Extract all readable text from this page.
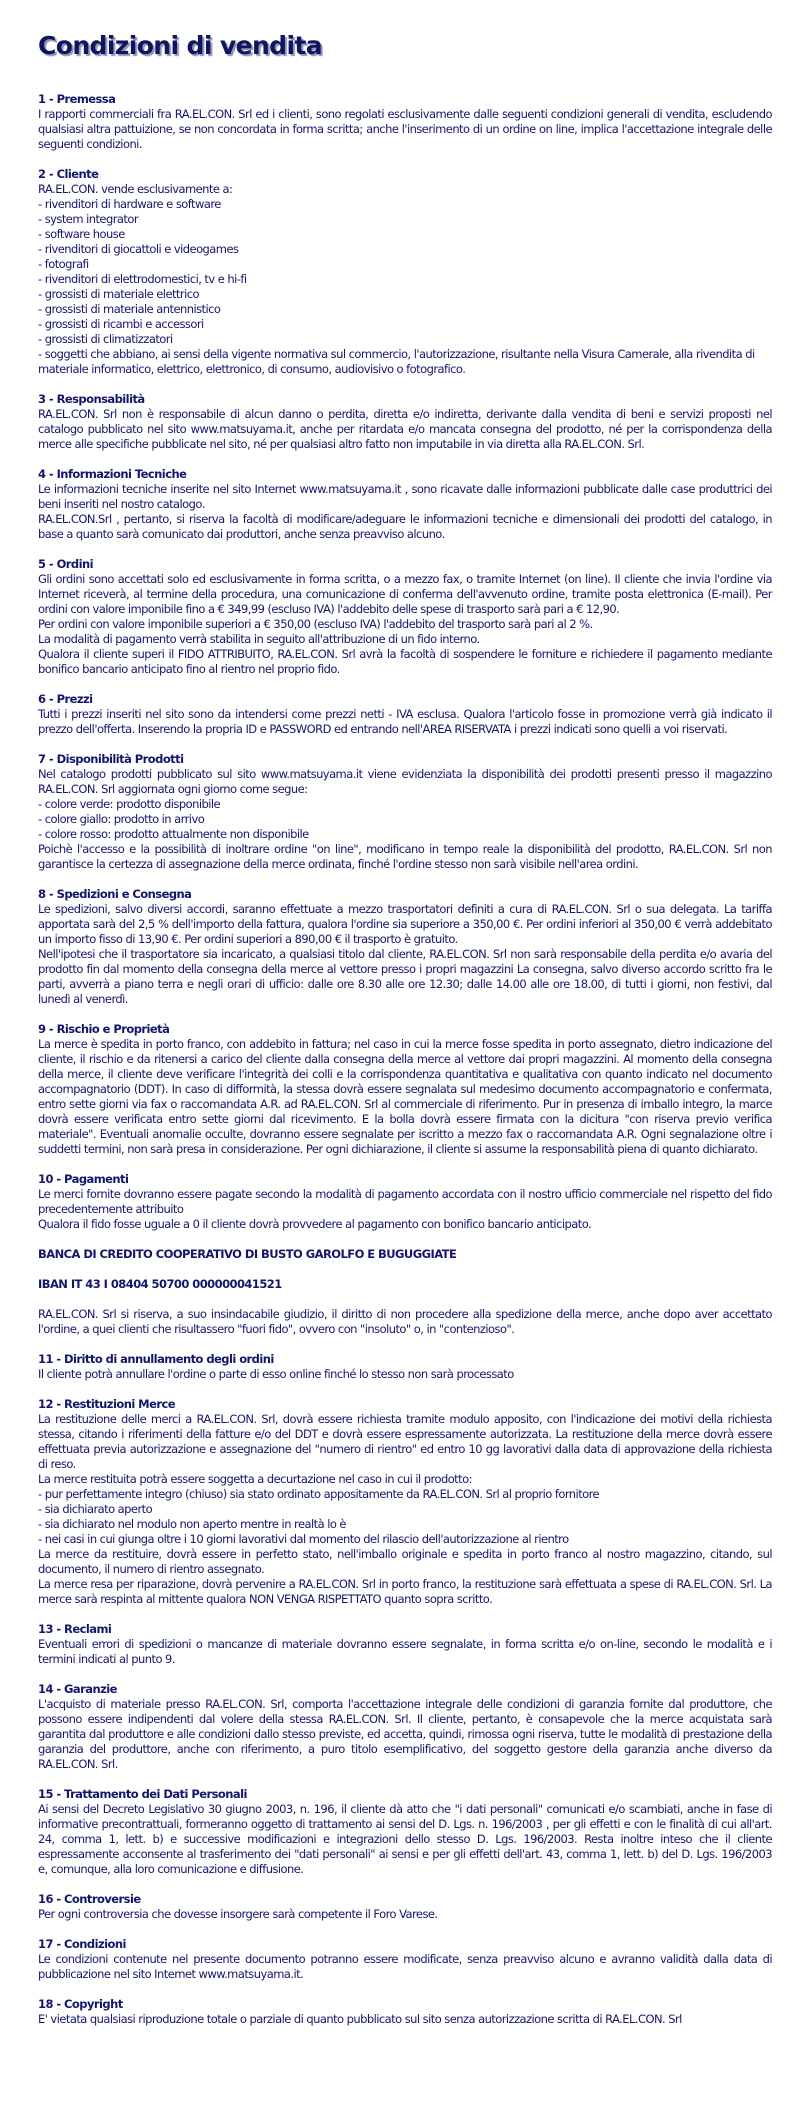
Condizioni di vendita
1 - Premessa

I rapporti commerciali fra RA.EL.CON. Srl ed i clienti, sono regolati esclusivamente dalle seguenti condizioni generali di vendita, escludendo qualsiasi altra pattuizione, se non concordata in forma scritta; anche l'inserimento di un ordine on line, implica l'accettazione integrale delle seguenti condizioni.

2 - Cliente

RA.EL.CON. vende esclusivamente a:

- rivenditori di hardware e software
- system integrator
- software house
- rivenditori di giocattoli e videogames
- fotografi
- rivenditori di elettrodomestici, tv e hi-fi
- grossisti di materiale elettrico
- grossisti di materiale antennistico
- grossisti di ricambi e accessori
- grossisti di climatizzatori
- soggetti che abbiano, ai sensi della vigente normativa sul commercio, l'autorizzazione, risultante nella Visura Camerale, alla rivendita di materiale informatico, elettrico, elettronico, di consumo, audiovisivo o fotografico.
3 - Responsabilità

RA.EL.CON. Srl non è responsabile di alcun danno o perdita, diretta e/o indiretta, derivante dalla vendita di beni e servizi proposti nel catalogo pubblicato nel sito www.matsuyama.it, anche per ritardata e/o mancata consegna del prodotto, né per la corrispondenza della merce alle specifiche pubblicate nel sito, né per qualsiasi altro fatto non imputabile in via diretta alla RA.EL.CON. Srl.

4 - Informazioni Tecniche

Le informazioni tecniche inserite nel sito Internet www.matsuyama.it , sono ricavate dalle informazioni pubblicate dalle case produttrici dei beni inseriti nel nostro catalogo.

RA.EL.CON.Srl , pertanto, si riserva la facoltà di modificare/adeguare le informazioni tecniche e dimensionali dei prodotti del catalogo, in base a quanto sarà comunicato dai produttori, anche senza preavviso alcuno.

5 - Ordini

Gli ordini sono accettati solo ed esclusivamente in forma scritta, o a mezzo fax, o tramite Internet (on line). Il cliente che invia l'ordine via Internet riceverà, al termine della procedura, una comunicazione di conferma dell'avvenuto ordine, tramite posta elettronica (E-mail). Per ordini con valore imponibile fino a € 349,99 (escluso IVA) l'addebito delle spese di trasporto sarà pari a € 12,90.

Per ordini con valore imponibile superiori a € 350,00 (escluso IVA) l'addebito del trasporto sarà pari al 2 %.

La modalità di pagamento verrà stabilita in seguito all'attribuzione di un fido interno.

Qualora il cliente superi il FIDO ATTRIBUITO, RA.EL.CON. Srl avrà la facoltà di sospendere le forniture e richiedere il pagamento mediante bonifico bancario anticipato fino al rientro nel proprio fido.

6 - Prezzi

Tutti i prezzi inseriti nel sito sono da intendersi come prezzi netti - IVA esclusa. Qualora l'articolo fosse in promozione verrà già indicato il prezzo dell'offerta. Inserendo la propria ID e PASSWORD ed entrando nell'AREA RISERVATA i prezzi indicati sono quelli a voi riservati.

7 - Disponibilità Prodotti

Nel catalogo prodotti pubblicato sul sito www.matsuyama.it viene evidenziata la disponibilità dei prodotti presenti presso il magazzino RA.EL.CON. Srl aggiornata ogni giorno come segue:

- colore verde: prodotto disponibile
- colore giallo: prodotto in arrivo
- colore rosso: prodotto attualmente non disponibile

Poichè l'accesso e la possibilità di inoltrare ordine "on line", modificano in tempo reale la disponibilità del prodotto, RA.EL.CON. Srl non garantisce la certezza di assegnazione della merce ordinata, finché l'ordine stesso non sarà visibile nell'area ordini.

8 - Spedizioni e Consegna

Le spedizioni, salvo diversi accordi, saranno effettuate a mezzo trasportatori definiti a cura di RA.EL.CON. Srl o sua delegata. La tariffa apportata sarà del 2,5 % dell'importo della fattura, qualora l'ordine sia superiore a 350,00 €. Per ordini inferiori al 350,00 € verrà addebitato un importo fisso di 13,90 €. Per ordini superiori a 890,00 € il trasporto è gratuito.

Nell'ipotesi che il trasportatore sia incaricato, a qualsiasi titolo dal cliente, RA.EL.CON. Srl non sarà responsabile della perdita e/o avaria del prodotto fin dal momento della consegna della merce al vettore presso i propri magazzini La consegna, salvo diverso accordo scritto fra le parti, avverrà a piano terra e negli orari di ufficio: dalle ore 8.30 alle ore 12.30; dalle 14.00 alle ore 18.00, di tutti i giorni, non festivi, dal lunedì al venerdì.

9 - Rischio e Proprietà

La merce è spedita in porto franco, con addebito in fattura; nel caso in cui la merce fosse spedita in porto assegnato, dietro indicazione del cliente, il rischio e da ritenersi a carico del cliente dalla consegna della merce al vettore dai propri magazzini. Al momento della consegna della merce, il cliente deve verificare l'integrità dei colli e la corrispondenza quantitativa e qualitativa con quanto indicato nel documento accompagnatorio (DDT). In caso di difformità, la stessa dovrà essere segnalata sul medesimo documento accompagnatorio e confermata, entro sette giorni via fax o raccomandata A.R. ad RA.EL.CON. Srl al commerciale di riferimento. Pur in presenza di imballo integro, la marce dovrà essere verificata entro sette giorni dal ricevimento. E la bolla dovrà essere firmata con la dicitura "con riserva previo verifica materiale". Eventuali anomalie occulte, dovranno essere segnalate per iscritto a mezzo fax o raccomandata A.R. Ogni segnalazione oltre i suddetti termini, non sarà presa in considerazione. Per ogni dichiarazione, il cliente si assume la responsabilità piena di quanto dichiarato.

10 - Pagamenti

Le merci fornite dovranno essere pagate secondo la modalità di pagamento accordata con il nostro ufficio commerciale nel rispetto del fido precedentemente attribuito

Qualora il fido fosse uguale a 0 il cliente dovrà provvedere al pagamento con bonifico bancario anticipato.

BANCA DI CREDITO COOPERATIVO DI BUSTO GAROLFO E BUGUGGIATE

IBAN IT 43 I 08404 50700 000000041521

RA.EL.CON. Srl si riserva, a suo insindacabile giudizio, il diritto di non procedere alla spedizione della merce, anche dopo aver accettato l'ordine, a quei clienti che risultassero "fuori fido", ovvero con "insoluto" o, in "contenzioso".

11 - Diritto di annullamento degli ordini

Il cliente potrà annullare l'ordine o parte di esso online finché lo stesso non sarà processato

12 - Restituzioni Merce

La restituzione delle merci a RA.EL.CON. Srl, dovrà essere richiesta tramite modulo apposito, con l'indicazione dei motivi della richiesta stessa, citando i riferimenti della fatture e/o del DDT e dovrà essere espressamente autorizzata. La restituzione della merce dovrà essere effettuata previa autorizzazione e assegnazione del "numero di rientro" ed entro 10 gg lavorativi dalla data di approvazione della richiesta di reso.

La merce restituita potrà essere soggetta a decurtazione nel caso in cui il prodotto:

- pur perfettamente integro (chiuso) sia stato ordinato appositamente da RA.EL.CON. Srl al proprio fornitore
- sia dichiarato aperto
- sia dichiarato nel modulo non aperto mentre in realtà lo è
- nei casi in cui giunga oltre i 10 giorni lavorativi dal momento del rilascio dell'autorizzazione al rientro

La merce da restituire, dovrà essere in perfetto stato, nell'imballo originale e spedita in porto franco al nostro magazzino, citando, sul documento, il numero di rientro assegnato.

La merce resa per riparazione, dovrà pervenire a RA.EL.CON. Srl in porto franco, la restituzione sarà effettuata a spese di RA.EL.CON. Srl. La merce sarà respinta al mittente qualora NON VENGA RISPETTATO quanto sopra scritto.

13 - Reclami

Eventuali errori di spedizioni o mancanze di materiale dovranno essere segnalate, in forma scritta e/o on-line, secondo le modalità e i termini indicati al punto 9.

14 - Garanzie

L'acquisto di materiale presso RA.EL.CON. Srl, comporta l'accettazione integrale delle condizioni di garanzia fornite dal produttore, che possono essere indipendenti dal volere della stessa RA.EL.CON. Srl. Il cliente, pertanto, è consapevole che la merce acquistata sarà garantita dal produttore e alle condizioni dallo stesso previste, ed accetta, quindi, rimossa ogni riserva, tutte le modalità di prestazione della garanzia del produttore, anche con riferimento, a puro titolo esemplificativo, del soggetto gestore della garanzia anche diverso da RA.EL.CON. Srl.

15 - Trattamento dei Dati Personali

Ai sensi del Decreto Legislativo 30 giugno 2003, n. 196, il cliente dà atto che "i dati personali" comunicati e/o scambiati, anche in fase di informative precontrattuali, formeranno oggetto di trattamento ai sensi del D. Lgs. n. 196/2003 , per gli effetti e con le finalità di cui all'art. 24, comma 1, lett. b) e successive modificazioni e integrazioni dello stesso D. Lgs. 196/2003. Resta inoltre inteso che il cliente espressamente acconsente al trasferimento dei "dati personali" ai sensi e per gli effetti dell'art. 43, comma 1, lett. b) del D. Lgs. 196/2003 e, comunque, alla loro comunicazione e diffusione.

16 - Controversie

Per ogni controversia che dovesse insorgere sarà competente il Foro Varese.

17 - Condizioni

Le condizioni contenute nel presente documento potranno essere modificate, senza preavviso alcuno e avranno validità dalla data di pubblicazione nel sito Internet www.matsuyama.it.

18 - Copyright

E' vietata qualsiasi riproduzione totale o parziale di quanto pubblicato sul sito senza autorizzazione scritta di RA.EL.CON. Srl
